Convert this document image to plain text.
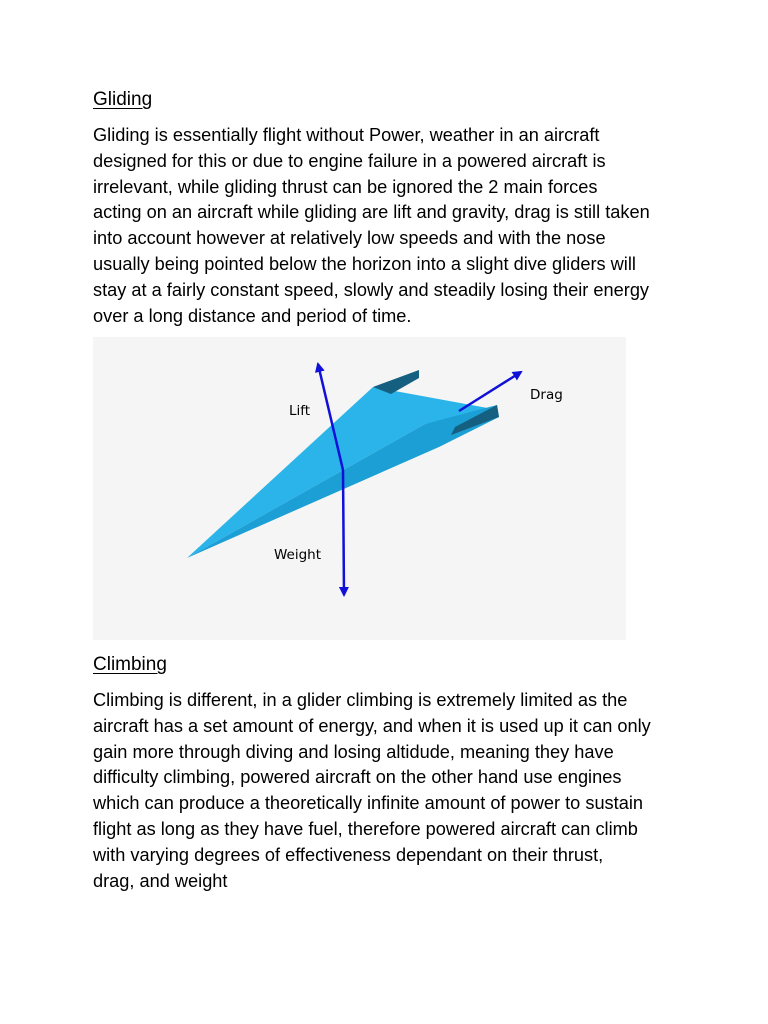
Gliding
Gliding is essentially flight without Power, weather in an aircraft
designed for this or due to engine failure in a powered aircraft is
irrelevant, while gliding thrust can be ignored the 2 main forces
acting on an aircraft while gliding are lift and gravity, drag is still taken
into account however at relatively low speeds and with the nose
usually being pointed below the horizon into a slight dive gliders will
stay at a fairly constant speed, slowly and steadily losing their energy
over a long distance and period of time.
Lift
Drag
Weight
Climbing
Climbing is different, in a glider climbing is extremely limited as the
aircraft has a set amount of energy, and when it is used up it can only
gain more through diving and losing altidude, meaning they have
difficulty climbing, powered aircraft on the other hand use engines
which can produce a theoretically infinite amount of power to sustain
flight as long as they have fuel, therefore powered aircraft can climb
with varying degrees of effectiveness dependant on their thrust,
drag, and weight
